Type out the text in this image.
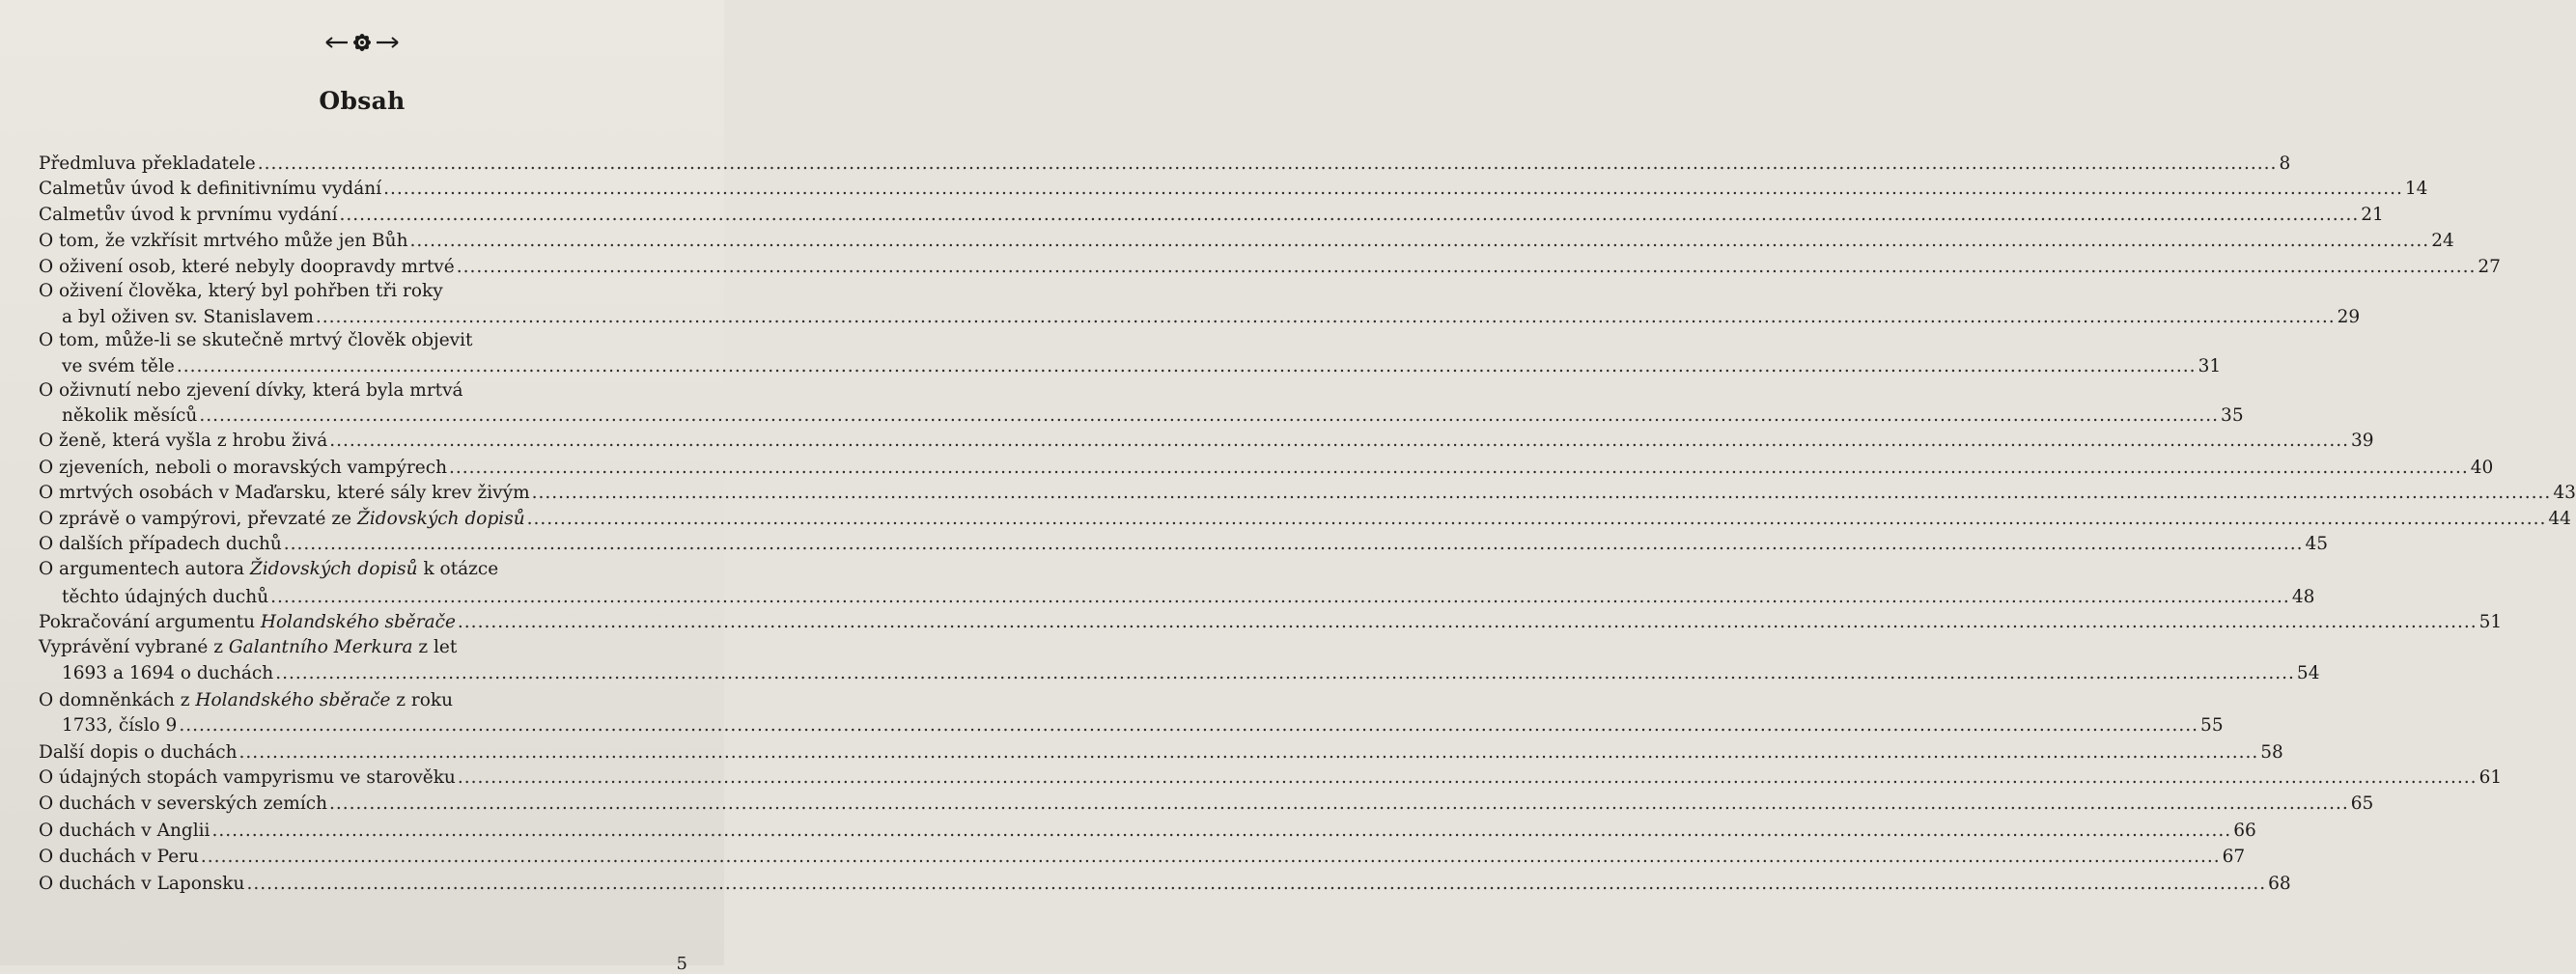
Obsah
Předmluva překladatele ................................................................................................................................................................................................................................................................................................................ 8
Calmetův úvod k definitivnímu vydání ................................................................................................................................................................................................................................................................................................................ 14
Calmetův úvod k prvnímu vydání ................................................................................................................................................................................................................................................................................................................ 21
O tom, že vzkřísit mrtvého může jen Bůh ................................................................................................................................................................................................................................................................................................................ 24
O oživení osob, které nebyly doopravdy mrtvé ................................................................................................................................................................................................................................................................................................................ 27
O oživení člověka, který byl pohřben tři roky
a byl oživen sv. Stanislavem ................................................................................................................................................................................................................................................................................................................ 29
O tom, může-li se skutečně mrtvý člověk objevit
ve svém těle ................................................................................................................................................................................................................................................................................................................ 31
O oživnutí nebo zjevení dívky, která byla mrtvá
několik měsíců ................................................................................................................................................................................................................................................................................................................ 35
O ženě, která vyšla z hrobu živá ................................................................................................................................................................................................................................................................................................................ 39
O zjeveních, neboli o moravských vampýrech ................................................................................................................................................................................................................................................................................................................ 40
O mrtvých osobách v Maďarsku, které sály krev živým ................................................................................................................................................................................................................................................................................................................ 43
O zprávě o vampýrovi, převzaté ze Židovských dopisů ................................................................................................................................................................................................................................................................................................................ 44
O dalších případech duchů ................................................................................................................................................................................................................................................................................................................ 45
O argumentech autora Židovských dopisů k otázce
těchto údajných duchů ................................................................................................................................................................................................................................................................................................................ 48
Pokračování argumentu Holandského sběrače ................................................................................................................................................................................................................................................................................................................ 51
Vyprávění vybrané z Galantního Merkura z let
1693 a 1694 o duchách ................................................................................................................................................................................................................................................................................................................ 54
O domněnkách z Holandského sběrače z roku
1733, číslo 9 ................................................................................................................................................................................................................................................................................................................ 55
Další dopis o duchách ................................................................................................................................................................................................................................................................................................................ 58
O údajných stopách vampyrismu ve starověku ................................................................................................................................................................................................................................................................................................................ 61
O duchách v severských zemích ................................................................................................................................................................................................................................................................................................................ 65
O duchách v Anglii ................................................................................................................................................................................................................................................................................................................ 66
O duchách v Peru ................................................................................................................................................................................................................................................................................................................ 67
O duchách v Laponsku ................................................................................................................................................................................................................................................................................................................ 68
5
